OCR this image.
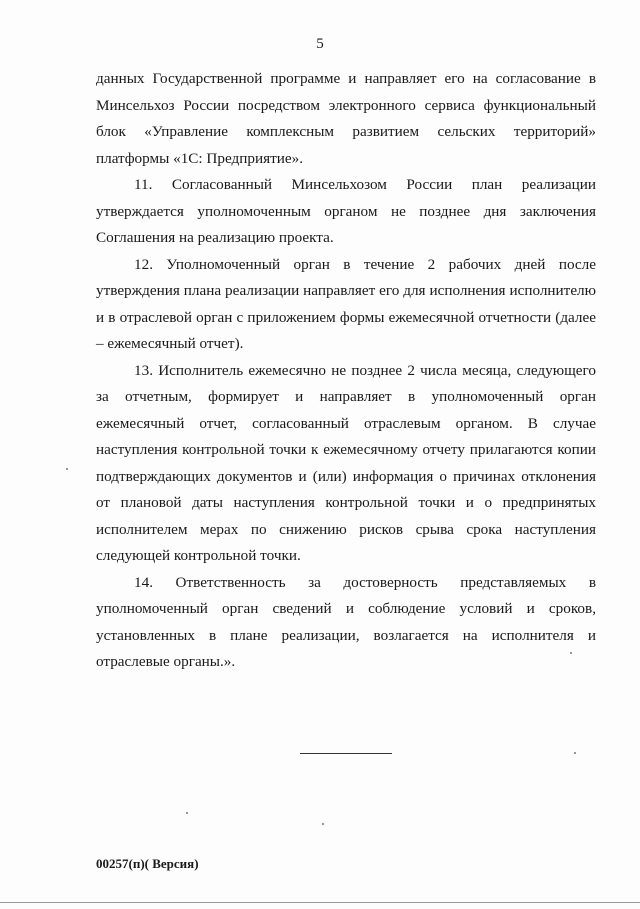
5

данных Государственной программе и направляет его на согласование в Минсельхоз России посредством электронного сервиса функциональный блок «Управление комплексным развитием сельских территорий» платформы «1С: Предприятие».

11. Согласованный Минсельхозом России план реализации утверждается уполномоченным органом не позднее дня заключения Соглашения на реализацию проекта.

12. Уполномоченный орган в течение 2 рабочих дней после утверждения плана реализации направляет его для исполнения исполнителю и в отраслевой орган с приложением формы ежемесячной отчетности (далее – ежемесячный отчет).

13. Исполнитель ежемесячно не позднее 2 числа месяца, следующего за отчетным, формирует и направляет в уполномоченный орган ежемесячный отчет, согласованный отраслевым органом. В случае наступления контрольной точки к ежемесячному отчету прилагаются копии подтверждающих документов и (или) информация о причинах отклонения от плановой даты наступления контрольной точки и о предпринятых исполнителем мерах по снижению рисков срыва срока наступления следующей контрольной точки.

14. Ответственность за достоверность представляемых в уполномоченный орган сведений и соблюдение условий и сроков, установленных в плане реализации, возлагается на исполнителя и отраслевые органы.».

00257(п)( Версия)
